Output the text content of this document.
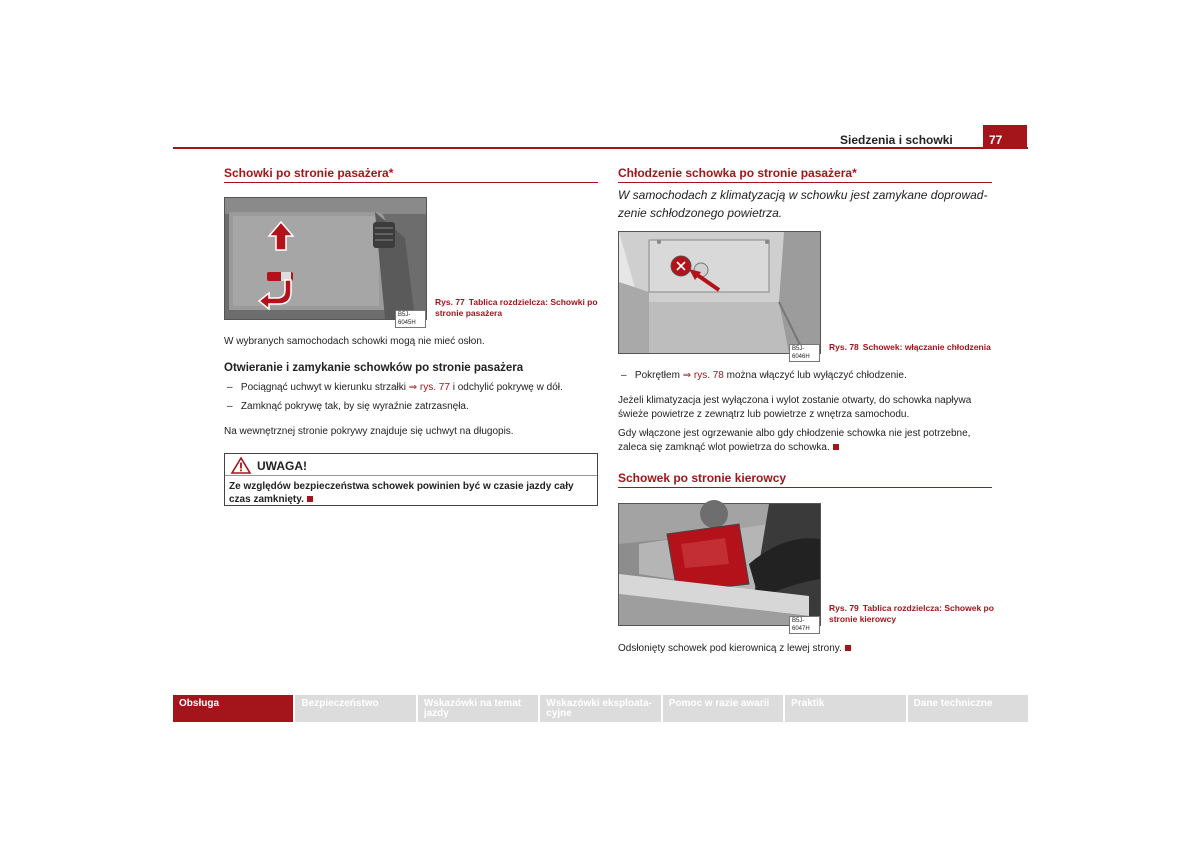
Siedzenia i schowki	77
Schowki po stronie pasażera*
B5J-6045H
Rys. 77 Tablica rozdzielcza: Schowki po stronie pasażera
W wybranych samochodach schowki mogą nie mieć osłon.
Otwieranie i zamykanie schowków po stronie pasażera
– Pociągnąć uchwyt w kierunku strzałki ⇒ rys. 77 i odchylić pokrywę w dół.
– Zamknąć pokrywę tak, by się wyraźnie zatrzasnęła.
Na wewnętrznej stronie pokrywy znajduje się uchwyt na długopis.
UWAGA!
Ze względów bezpieczeństwa schowek powinien być w czasie jazdy cały czas zamknięty.
Chłodzenie schowka po stronie pasażera*
W samochodach z klimatyzacją w schowku jest zamykane doprowad-
zenie schłodzonego powietrza.
B5J-6046H
Rys. 78 Schowek: włączanie chłodzenia
– Pokrętłem ⇒ rys. 78 można włączyć lub wyłączyć chłodzenie.
Jeżeli klimatyzacja jest wyłączona i wylot zostanie otwarty, do schowka napływa świeże powietrze z zewnątrz lub powietrze z wnętrza samochodu.
Gdy włączone jest ogrzewanie albo gdy chłodzenie schowka nie jest potrzebne, zaleca się zamknąć wlot powietrza do schowka.
Schowek po stronie kierowcy
B5J-6047H
Rys. 79 Tablica rozdzielcza: Schowek po stronie kierowcy
Odsłonięty schowek pod kierownicą z lewej strony.
Obsługa	Bezpieczeństwo	Wskazówki na temat jazdy
Wskazówki eksploata-cyjne
Pomoc w razie awarii	Praktik	Dane techniczne
